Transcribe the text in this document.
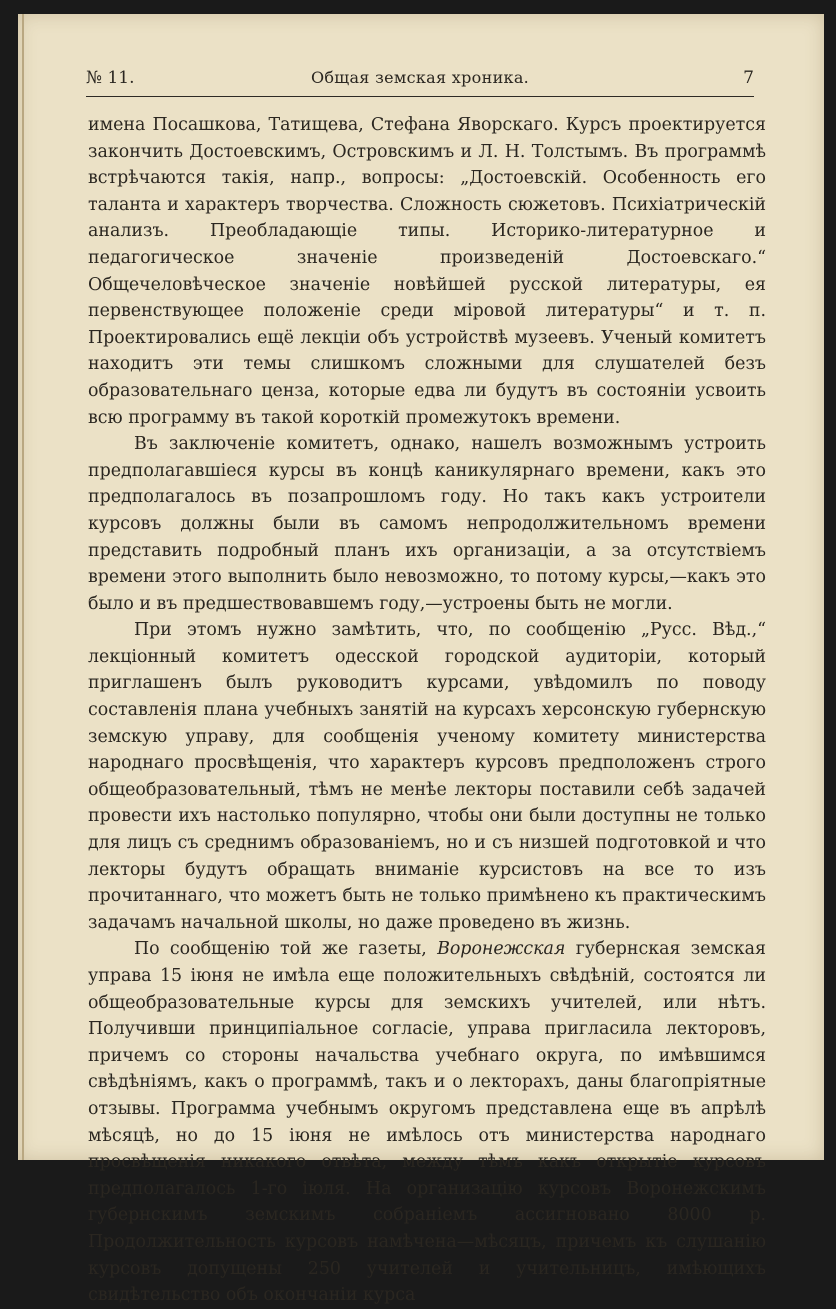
№ 11.	Общая земская хроника.	7

имена Посашкова, Татищева, Стефана Яворскаго. Курсъ проектируется закончить Достоевскимъ, Островскимъ и Л. Н. Толстымъ. Въ программѣ встрѣчаются такія, напр., вопросы: „Достоевскій. Особенность его таланта и характеръ творчества. Сложность сюжетовъ. Психіатрическій анализъ. Преобладающіе типы. Историко-литературное и педагогическое значеніе произведеній Достоевскаго.“ Общечеловѣческое значеніе новѣйшей русской литературы, ея первенствующее положеніе среди міровой литературы“ и т. п. Проектировались ещё лекціи объ устройствѣ музеевъ. Ученый комитетъ находитъ эти темы слишкомъ сложными для слушателей безъ образовательнаго ценза, которые едва ли будутъ въ состояніи усвоить всю программу въ такой короткій промежутокъ времени.

Въ заключеніе комитетъ, однако, нашелъ возможнымъ устроить предполагавшіеся курсы въ концѣ каникулярнаго времени, какъ это предполагалось въ позапрошломъ году. Но такъ какъ устроители курсовъ должны были въ самомъ непродолжительномъ времени представить подробный планъ ихъ организаціи, а за отсутствіемъ времени этого выполнить было невозможно, то потому курсы,—какъ это было и въ предшествовавшемъ году,—устроены быть не могли.

При этомъ нужно замѣтить, что, по сообщенію „Русс. Вѣд.,“ лекціонный комитетъ одесской городской аудиторіи, который приглашенъ былъ руководитъ курсами, увѣдомилъ по поводу составленія плана учебныхъ занятій на курсахъ херсонскую губернскую земскую управу, для сообщенія ученому комитету министерства народнаго просвѣщенія, что характеръ курсовъ предположенъ строго общеобразовательный, тѣмъ не менѣе лекторы поставили себѣ задачей провести ихъ настолько популярно, чтобы они были доступны не только для лицъ съ среднимъ образованіемъ, но и съ низшей подготовкой и что лекторы будутъ обращать вниманіе курсистовъ на все то изъ прочитаннаго, что можетъ быть не только примѣнено къ практическимъ задачамъ начальной школы, но даже проведено въ жизнь.

По сообщенію той же газеты, Воронежская губернская земская управа 15 іюня не имѣла еще положительныхъ свѣдѣній, состоятся ли общеобразовательные курсы для земскихъ учителей, или нѣтъ. Получивши принципіальное согласіе, управа пригласила лекторовъ, причемъ со стороны начальства учебнаго округа, по имѣвшимся свѣдѣніямъ, какъ о программѣ, такъ и о лекторахъ, даны благопріятные отзывы. Программа учебнымъ округомъ представлена еще въ апрѣлѣ мѣсяцѣ, но до 15 іюня не имѣлось отъ министерства народнаго просвѣщенія никакого отвѣта, между тѣмъ какъ открытіе курсовъ предполагалось 1-го іюля. На организацію курсовъ Воронежскимъ губернскимъ земскимъ собраніемъ ассигновано 8000 р. Продолжительность курсовъ намѣчена—мѣсяцъ, причемъ къ слушанію курсовъ допущены 250 учителей и учительницъ, имѣющихъ свидѣтельство объ окончаніи курса
